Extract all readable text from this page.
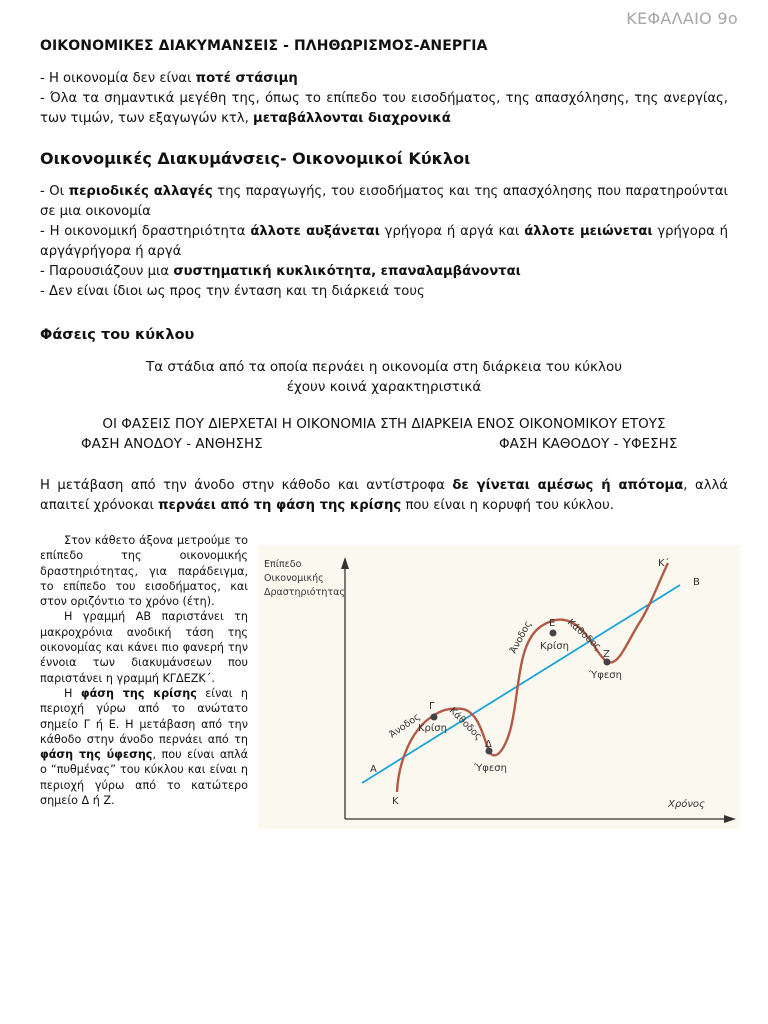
ΚΕΦΑΛΑΙΟ 9ο
ΟΙΚΟΝΟΜΙΚΕΣ ΔΙΑΚΥΜΑΝΣΕΙΣ - ΠΛΗΘΩΡΙΣΜΟΣ-ΑΝΕΡΓΙΑ

- Η οικονομία δεν είναι ποτέ στάσιμη

- Όλα τα σημαντικά μεγέθη της, όπως το επίπεδο του εισοδήματος, της απασχόλησης, της ανεργίας, των τιμών, των εξαγωγών κτλ, μεταβάλλονται διαχρονικά

Οικονομικές Διακυμάνσεις- Οικονομικοί Κύκλοι

- Οι περιοδικές αλλαγές της παραγωγής, του εισοδήματος και της απασχόλησης που παρατηρούνται σε μια οικονομία

- Η οικονομική δραστηριότητα άλλοτε αυξάνεται γρήγορα ή αργά και άλλοτε μειώνεται γρήγορα ή αργάγρήγορα ή αργά

- Παρουσιάζουν μια συστηματική κυκλικότητα, επαναλαμβάνονται

- Δεν είναι ίδιοι ως προς την ένταση και τη διάρκειά τους

Φάσεις του κύκλου
Τα στάδια από τα οποία περνάει η οικονομία στη διάρκεια του κύκλου
έχουν κοινά χαρακτηριστικά
ΟΙ ΦΑΣΕΙΣ ΠΟΥ ΔΙΕΡΧΕΤΑΙ Η ΟΙΚΟΝΟΜΙΑ ΣΤΗ ΔΙΑΡΚΕΙΑ ΕΝΟΣ ΟΙΚΟΝΟΜΙΚΟΥ ΕΤΟΥΣ
ΦΑΣΗ ΑΝΟΔΟΥ - ΑΝΘΗΣΗΣ	ΦΑΣΗ ΚΑΘΟΔΟΥ - ΥΦΕΣΗΣ

Η μετάβαση από την άνοδο στην κάθοδο και αντίστροφα δε γίνεται αμέσως ή απότομα, αλλά απαιτεί χρόνοκαι περνάει από τη φάση της κρίσης που είναι η κορυφή του κύκλου.

Στον κάθετο άξονα μετρούμε το επίπεδο της οικονομικής δραστηριότητας, για παράδειγμα, το επίπεδο του εισοδήματος, και στον οριζόντιο το χρόνο (έτη).

Η γραμμή ΑΒ παριστάνει τη μακροχρόνια ανοδική τάση της οικονομίας και κάνει πιο φανερή την έννοια των διακυμάνσεων που παριστάνει η γραμμή ΚΓΔΕΖΚ΄.

Η φάση της κρίσης είναι η περιοχή γύρω από το ανώτατο σημείο Γ ή Ε. Η μετάβαση από την κάθοδο στην άνοδο περνάει από τη φάση της ύφεσης, που είναι απλά ο “πυθμένας” του κύκλου και είναι η περιοχή γύρω από το κατώτερο σημείο Δ ή Ζ.

Επίπεδο
Οικονομικής
Δραστηριότητας
Χρόνος
A
B
K
K΄
Γ
Δ
E
Z
Άνοδος	Κάθοδος
Κρίση
Ύφεση
Άνοδος	Κάθοδος
Κρίση
Ύφεση
